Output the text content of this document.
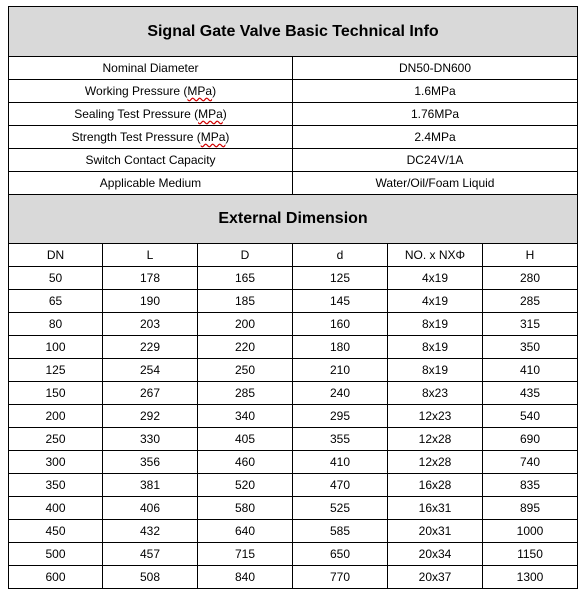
Signal Gate Valve Basic Technical Info	
Nominal Diameter	DN50-DN600
Working Pressure (MPa)	1.6MPa
Sealing Test Pressure (MPa)	1.76MPa
Strength Test Pressure (MPa)	2.4MPa
Switch Contact Capacity	DC24V/1A
Applicable Medium	Water/Oil/Foam Liquid
External Dimension					
DN	L	D	d	NO. x NXΦ	H
50	178	165	125	4x19	280
65	190	185	145	4x19	285
80	203	200	160	8x19	315
100	229	220	180	8x19	350
125	254	250	210	8x19	410
150	267	285	240	8x23	435
200	292	340	295	12x23	540
250	330	405	355	12x28	690
300	356	460	410	12x28	740
350	381	520	470	16x28	835
400	406	580	525	16x31	895
450	432	640	585	20x31	1000
500	457	715	650	20x34	1150
600	508	840	770	20x37	1300
